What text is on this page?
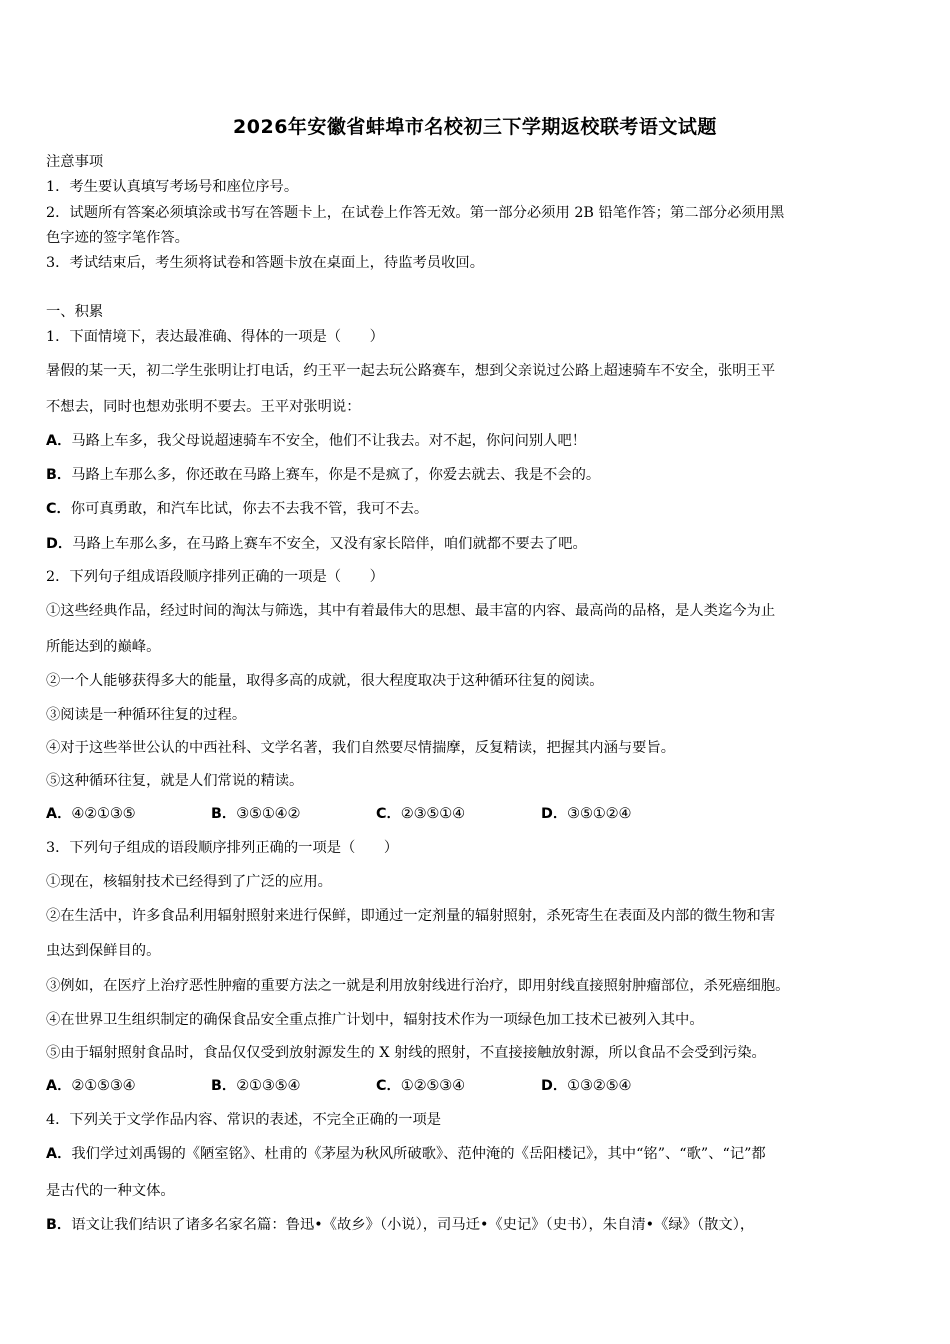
2026年安徽省蚌埠市名校初三下学期返校联考语文试题
注意事项
1．考生要认真填写考场号和座位序号。
2．试题所有答案必须填涂或书写在答题卡上，在试卷上作答无效。第一部分必须用 2B 铅笔作答；第二部分必须用黑
色字迹的签字笔作答。
3．考试结束后，考生须将试卷和答题卡放在桌面上，待监考员收回。
一、积累
1．下面情境下，表达最准确、得体的一项是（　　）
暑假的某一天，初二学生张明让打电话，约王平一起去玩公路赛车，想到父亲说过公路上超速骑车不安全，张明王平
不想去，同时也想劝张明不要去。王平对张明说：
A．马路上车多，我父母说超速骑车不安全，他们不让我去。对不起，你问问别人吧！
B．马路上车那么多，你还敢在马路上赛车，你是不是疯了，你爱去就去、我是不会的。
C．你可真勇敢，和汽车比试，你去不去我不管，我可不去。
D．马路上车那么多，在马路上赛车不安全，又没有家长陪伴，咱们就都不要去了吧。
2．下列句子组成语段顺序排列正确的一项是（　　）
①这些经典作品，经过时间的淘汰与筛选，其中有着最伟大的思想、最丰富的内容、最高尚的品格，是人类迄今为止
所能达到的巅峰。
②一个人能够获得多大的能量，取得多高的成就，很大程度取决于这种循环往复的阅读。
③阅读是一种循环往复的过程。
④对于这些举世公认的中西社科、文学名著，我们自然要尽情揣摩，反复精读，把握其内涵与要旨。
⑤这种循环往复，就是人们常说的精读。
A．④②①③⑤	B．③⑤①④②	C．②③⑤①④	D．③⑤①②④
3．下列句子组成的语段顺序排列正确的一项是（　　）
①现在，核辐射技术已经得到了广泛的应用。
②在生活中，许多食品利用辐射照射来进行保鲜，即通过一定剂量的辐射照射，杀死寄生在表面及内部的微生物和害
虫达到保鲜目的。
③例如，在医疗上治疗恶性肿瘤的重要方法之一就是利用放射线进行治疗，即用射线直接照射肿瘤部位，杀死癌细胞。
④在世界卫生组织制定的确保食品安全重点推广计划中，辐射技术作为一项绿色加工技术已被列入其中。
⑤由于辐射照射食品时，食品仅仅受到放射源发生的 X 射线的照射，不直接接触放射源，所以食品不会受到污染。
A．②①⑤③④	B．②①③⑤④	C．①②⑤③④	D．①③②⑤④
4．下列关于文学作品内容、常识的表述，不完全正确的一项是
A．我们学过刘禹锡的《陋室铭》、杜甫的《茅屋为秋风所破歌》、范仲淹的《岳阳楼记》，其中“铭”、“歌”、“记”都
是古代的一种文体。
B．语文让我们结识了诸多名家名篇：鲁迅•《故乡》（小说），司马迁•《史记》（史书），朱自清•《绿》（散文），
